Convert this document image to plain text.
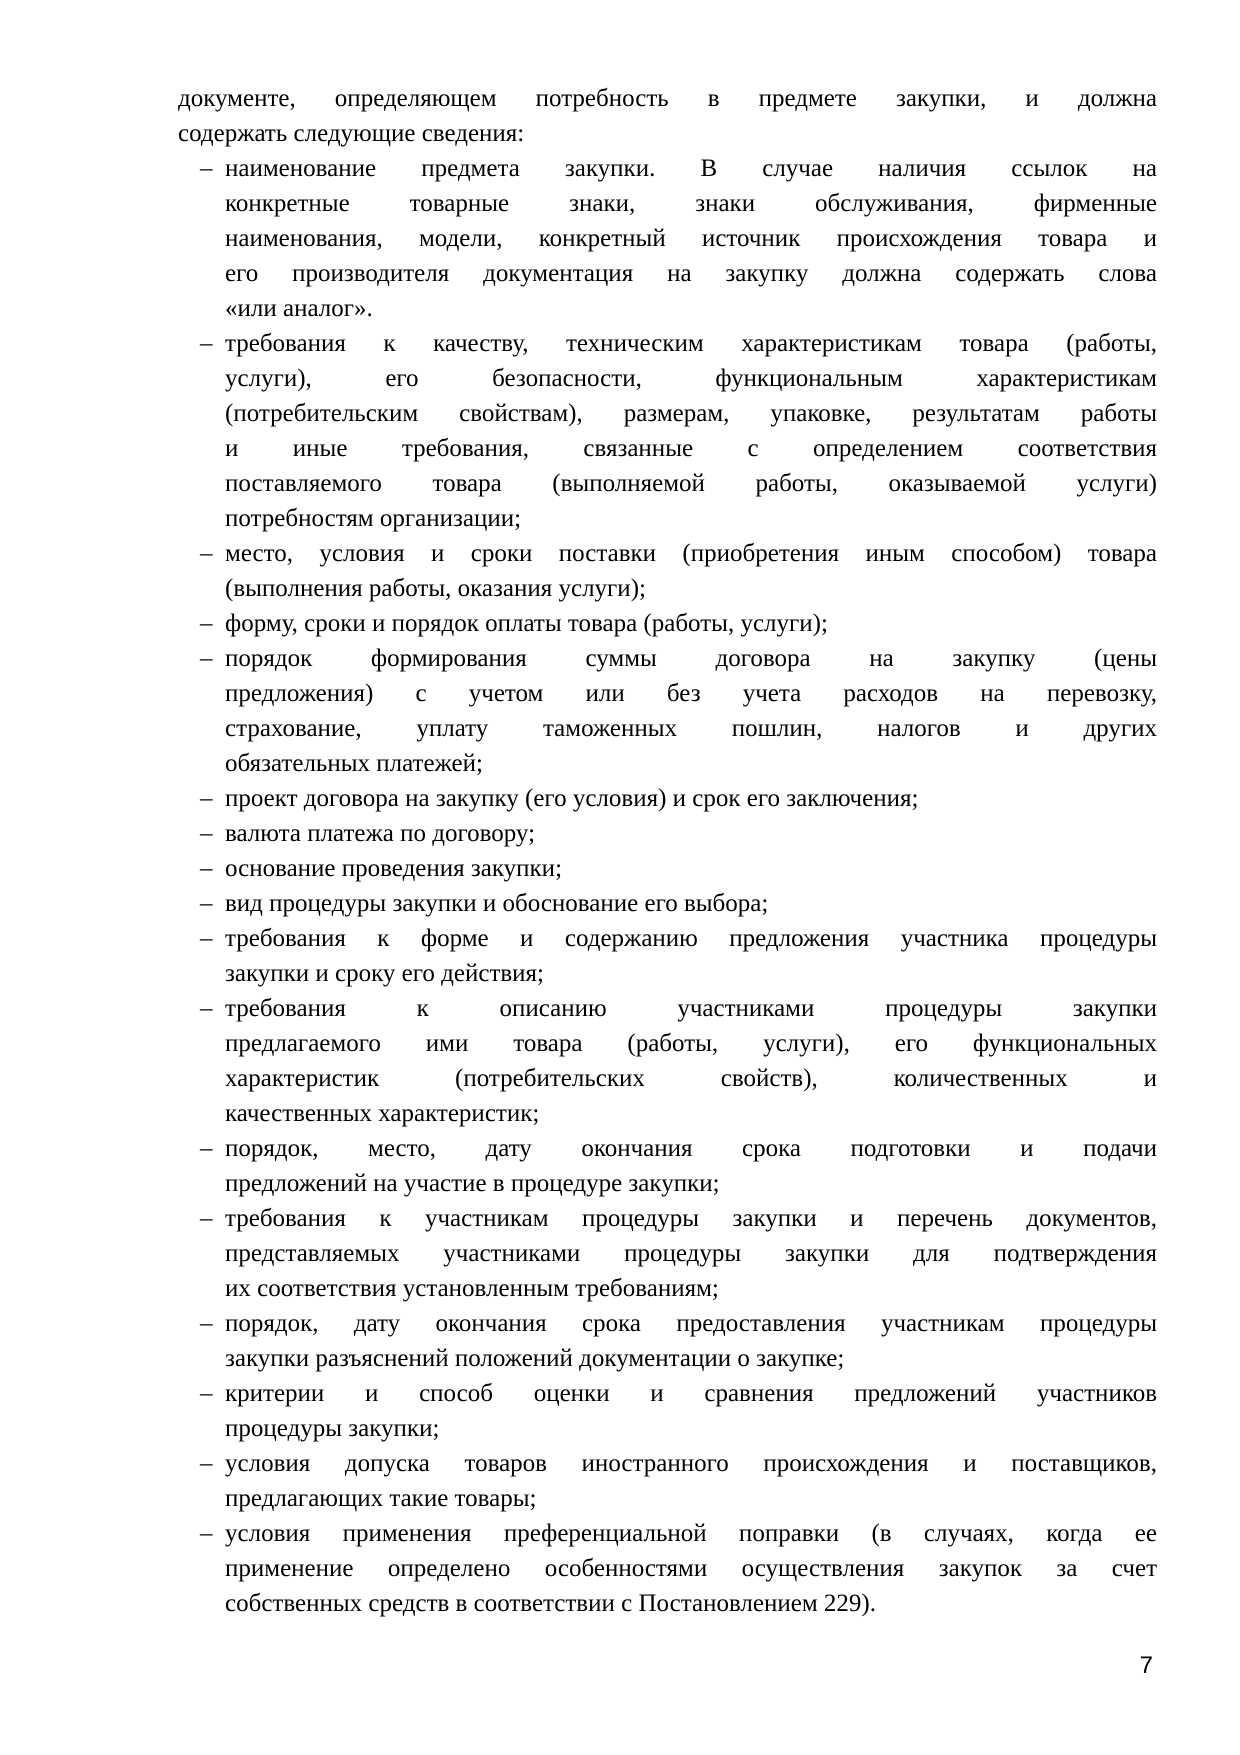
документе, определяющем потребность в предмете закупки, и должна
содержать следующие сведения:
– наименование предмета закупки. В случае наличия ссылок на
конкретные товарные знаки, знаки обслуживания, фирменные
наименования, модели, конкретный источник происхождения товара и
его производителя документация на закупку должна содержать слова
«или аналог».
– требования к качеству, техническим характеристикам товара (работы,
услуги), его безопасности, функциональным характеристикам
(потребительским свойствам), размерам, упаковке, результатам работы
и иные требования, связанные с определением соответствия
поставляемого товара (выполняемой работы, оказываемой услуги)
потребностям организации;
– место, условия и сроки поставки (приобретения иным способом) товара
(выполнения работы, оказания услуги);
– форму, сроки и порядок оплаты товара (работы, услуги);
– порядок формирования суммы договора на закупку (цены
предложения) с учетом или без учета расходов на перевозку,
страхование, уплату таможенных пошлин, налогов и других
обязательных платежей;
– проект договора на закупку (его условия) и срок его заключения;
– валюта платежа по договору;
– основание проведения закупки;
– вид процедуры закупки и обоснование его выбора;
– требования к форме и содержанию предложения участника процедуры
закупки и сроку его действия;
– требования к описанию участниками процедуры закупки
предлагаемого ими товара (работы, услуги), его функциональных
характеристик (потребительских свойств), количественных и
качественных характеристик;
– порядок, место, дату окончания срока подготовки и подачи
предложений на участие в процедуре закупки;
– требования к участникам процедуры закупки и перечень документов,
представляемых участниками процедуры закупки для подтверждения
их соответствия установленным требованиям;
– порядок, дату окончания срока предоставления участникам процедуры
закупки разъяснений положений документации о закупке;
– критерии и способ оценки и сравнения предложений участников
процедуры закупки;
– условия допуска товаров иностранного происхождения и поставщиков,
предлагающих такие товары;
– условия применения преференциальной поправки (в случаях, когда ее
применение определено особенностями осуществления закупок за счет
собственных средств в соответствии с Постановлением 229).
7
